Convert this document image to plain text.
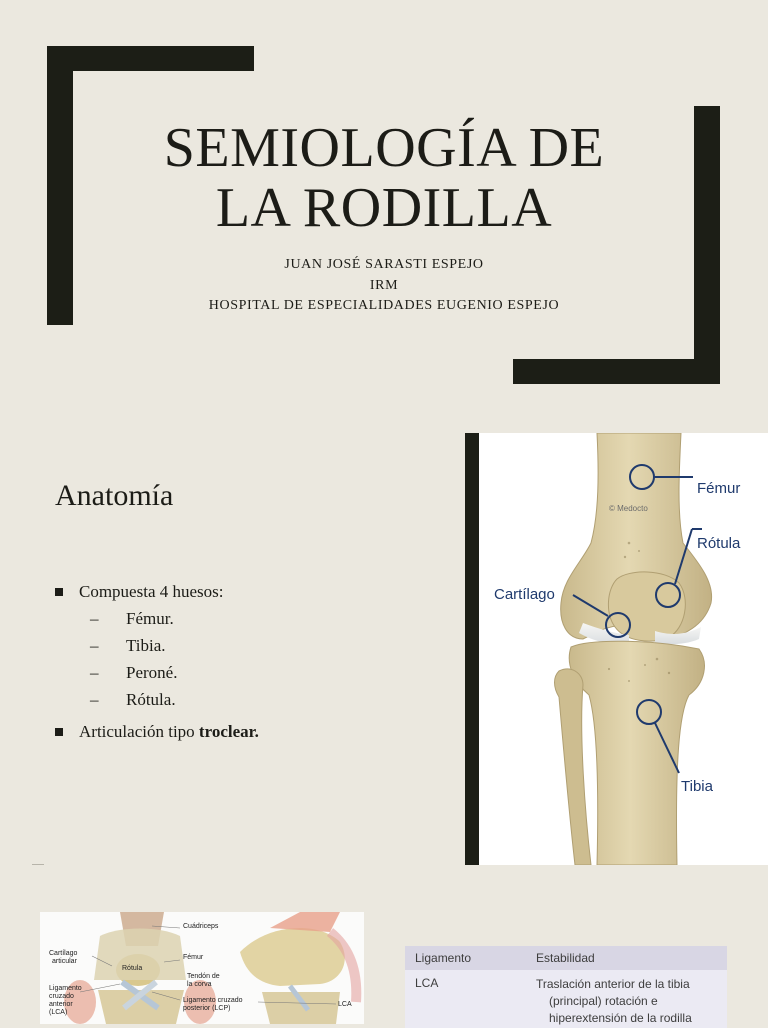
SEMIOLOGÍA DE
LA RODILLA
JUAN JOSÉ SARASTI ESPEJO
IRM
HOSPITAL DE ESPECIALIDADES EUGENIO ESPEJO
Anatomía
Compuesta 4 huesos:
– Fémur.
– Tibia.
– Peroné.
– Rótula.
Articulación tipo troclear.
© Medocto
Fémur
Rótula
Cartílago
Tibia
Cuádriceps
Cartílago
articular
Rótula
Fémur
Tendón de
la corva
Ligamento
cruzado
anterior
(LCA)
Ligamento cruzado
posterior (LCP)
LCA
Ligamento	Estabilidad
LCA	Traslación anterior de la tibia
(principal) rotación e
hiperextensión de la rodilla
